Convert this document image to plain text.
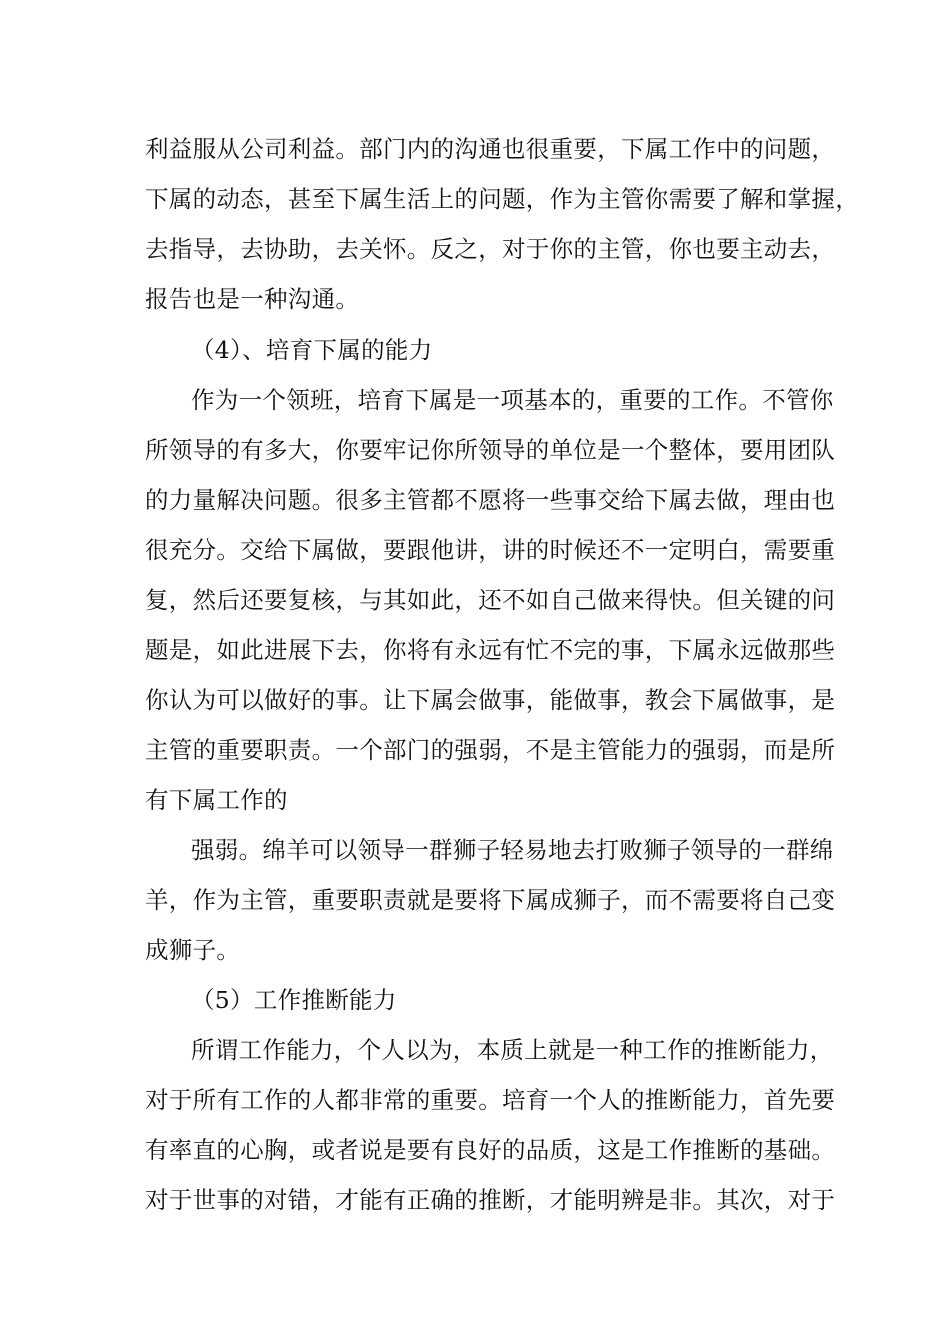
利益服从公司利益。部门内的沟通也很重要，下属工作中的问题，
下属的动态，甚至下属生活上的问题，作为主管你需要了解和掌握，
去指导，去协助，去关怀。反之，对于你的主管，你也要主动去，
报告也是一种沟通。
（4）、培育下属的能力
作为一个领班，培育下属是一项基本的，重要的工作。不管你
所领导的有多大，你要牢记你所领导的单位是一个整体，要用团队
的力量解决问题。很多主管都不愿将一些事交给下属去做，理由也
很充分。交给下属做，要跟他讲，讲的时候还不一定明白，需要重
复，然后还要复核，与其如此，还不如自己做来得快。但关键的问
题是，如此进展下去，你将有永远有忙不完的事，下属永远做那些
你认为可以做好的事。让下属会做事，能做事，教会下属做事，是
主管的重要职责。一个部门的强弱，不是主管能力的强弱，而是所
有下属工作的
强弱。绵羊可以领导一群狮子轻易地去打败狮子领导的一群绵
羊，作为主管，重要职责就是要将下属成狮子，而不需要将自己变
成狮子。
（5）工作推断能力
所谓工作能力，个人以为，本质上就是一种工作的推断能力，
对于所有工作的人都非常的重要。培育一个人的推断能力，首先要
有率直的心胸，或者说是要有良好的品质，这是工作推断的基础。
对于世事的对错，才能有正确的推断，才能明辨是非。其次，对于
